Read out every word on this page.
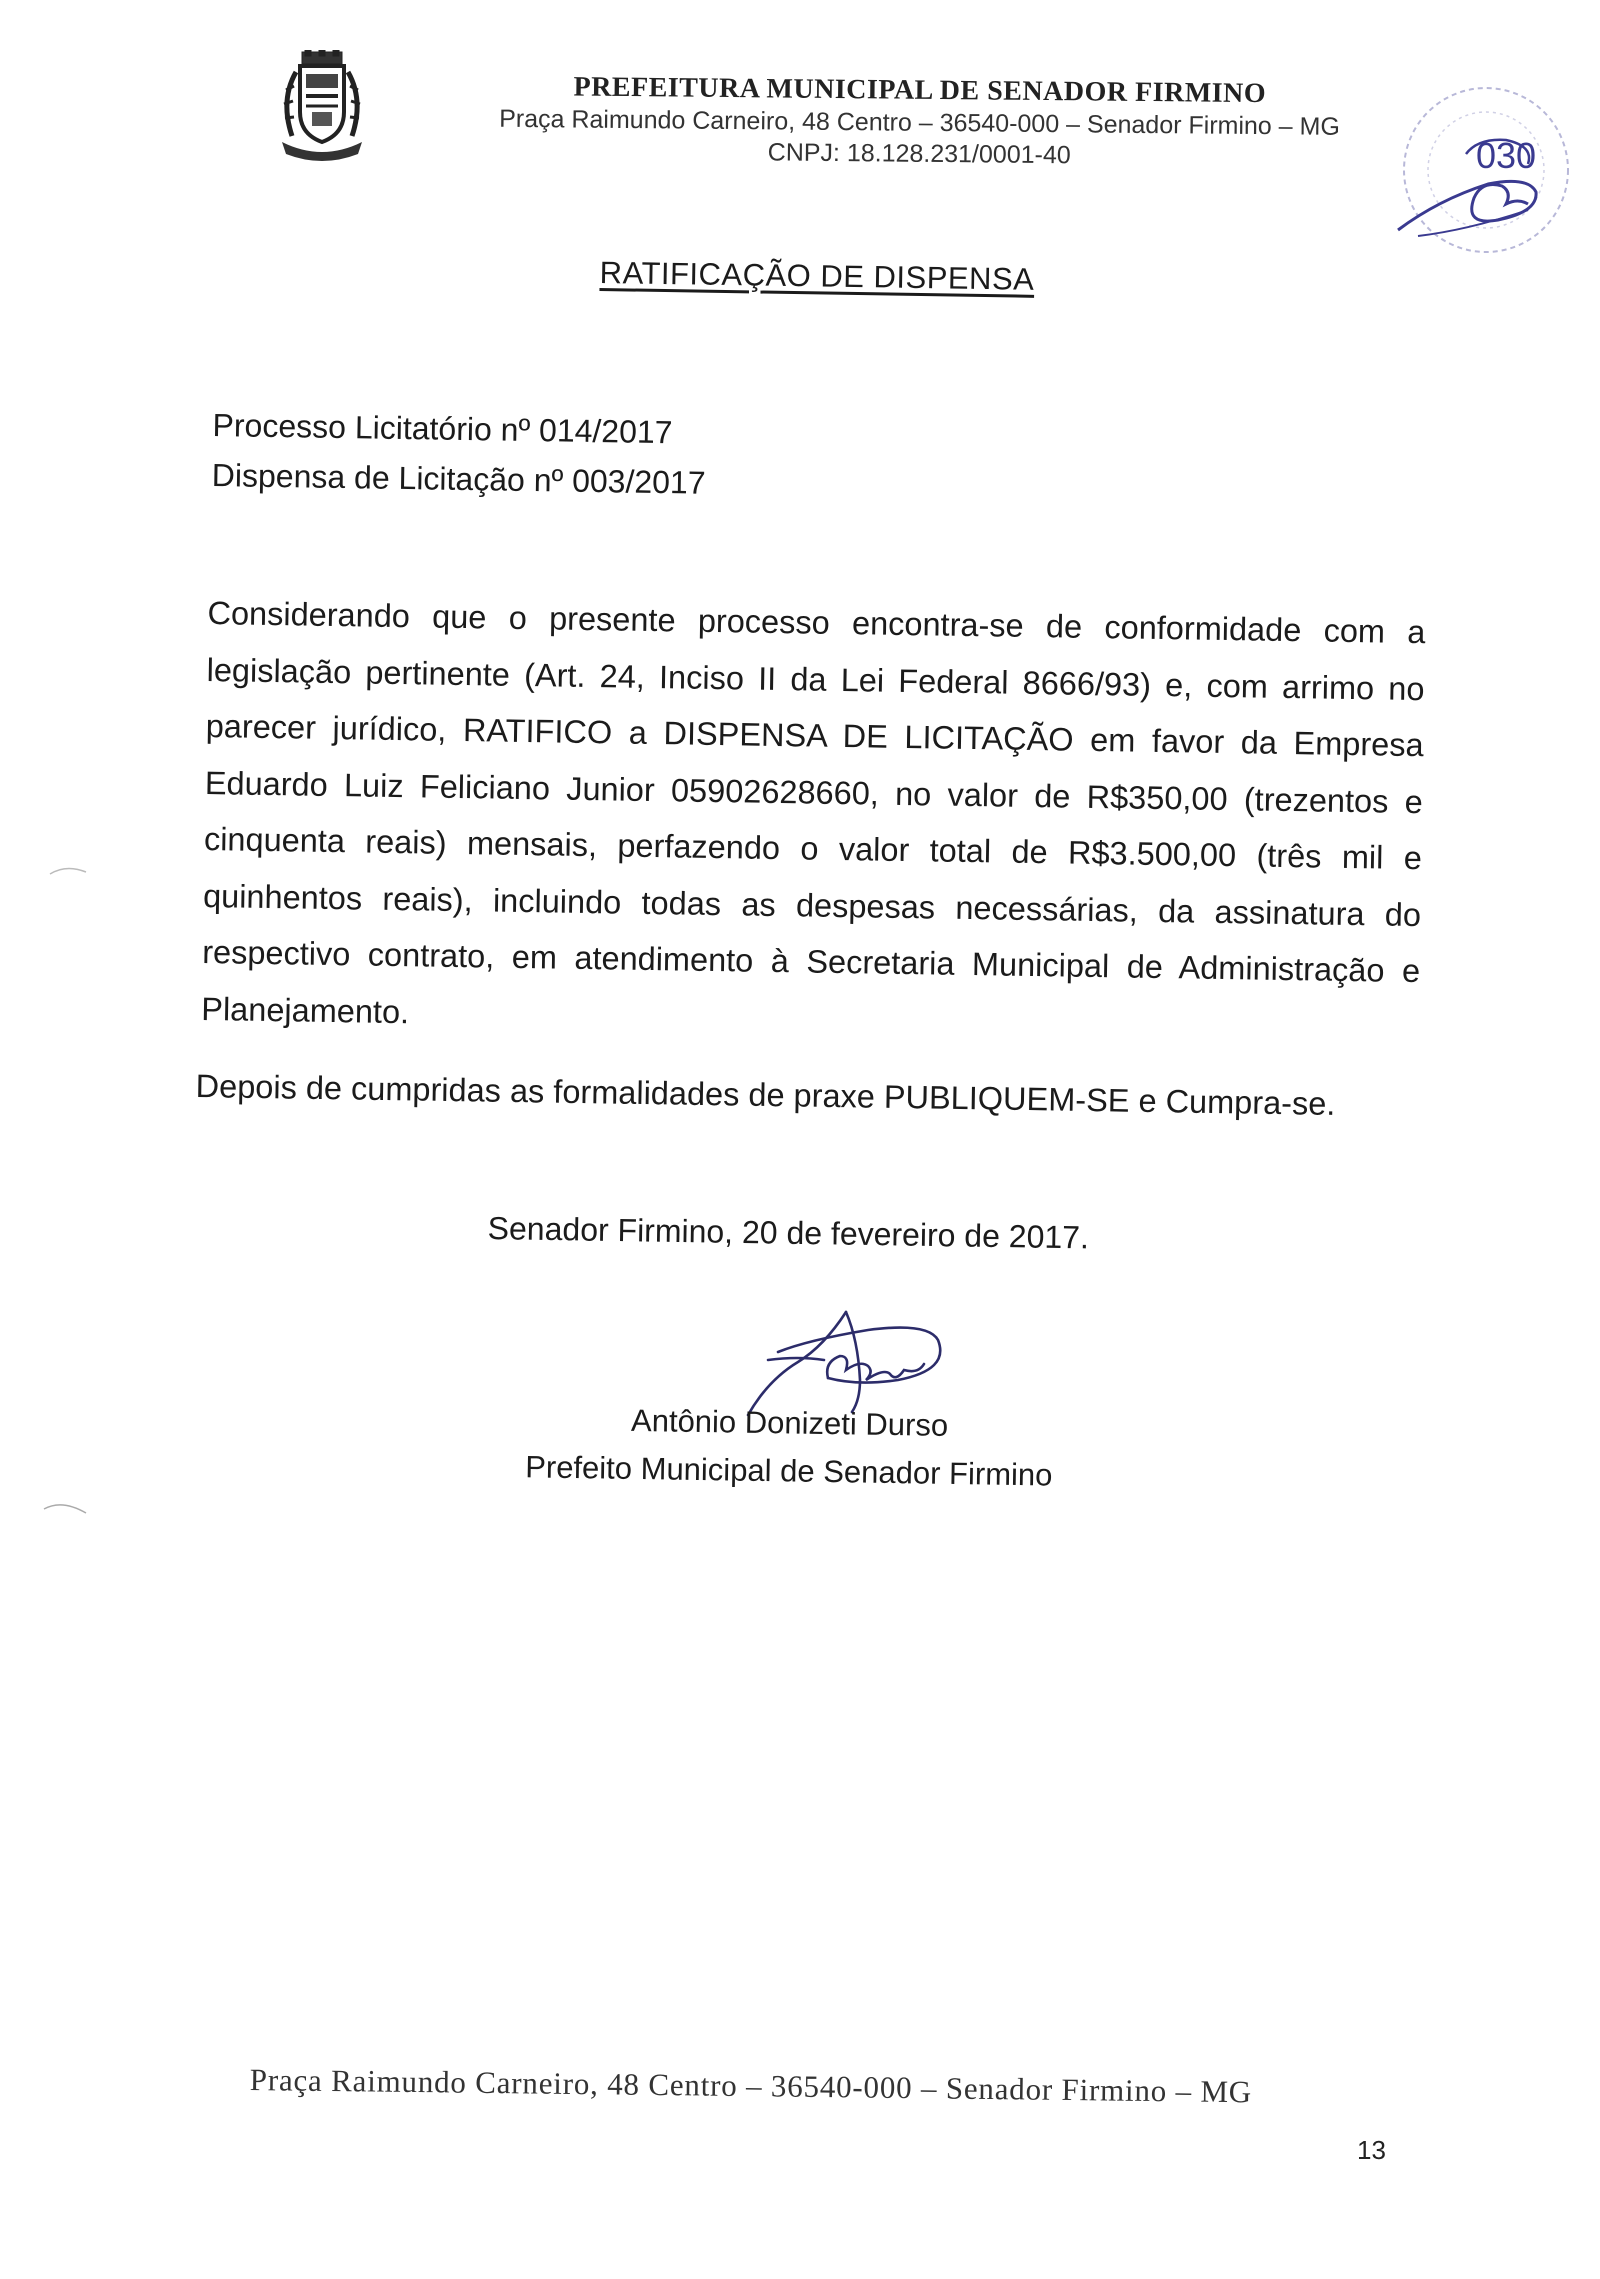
PREFEITURA MUNICIPAL DE SENADOR FIRMINO
Praça Raimundo Carneiro, 48 Centro – 36540-000 – Senador Firmino – MG
CNPJ: 18.128.231/0001-40	030
RATIFICAÇÃO DE DISPENSA
Processo Licitatório nº 014/2017
Dispensa de Licitação nº 003/2017
Considerando que o presente processo encontra-se de conformidade com a legislação pertinente (Art. 24, Inciso II da Lei Federal 8666/93) e, com arrimo no parecer jurídico, RATIFICO a DISPENSA DE LICITAÇÃO em favor da Empresa Eduardo Luiz Feliciano Junior 05902628660, no valor de R$350,00 (trezentos e cinquenta reais) mensais, perfazendo o valor total de R$3.500,00 (três mil e quinhentos reais), incluindo todas as despesas necessárias, da assinatura do respectivo contrato, em atendimento à Secretaria Municipal de Administração e Planejamento.
Depois de cumpridas as formalidades de praxe PUBLIQUEM-SE e Cumpra-se.
Senador Firmino, 20 de fevereiro de 2017.
Antônio Donizeti Durso
Prefeito Municipal de Senador Firmino
Praça Raimundo Carneiro, 48 Centro – 36540-000 – Senador Firmino – MG
13
